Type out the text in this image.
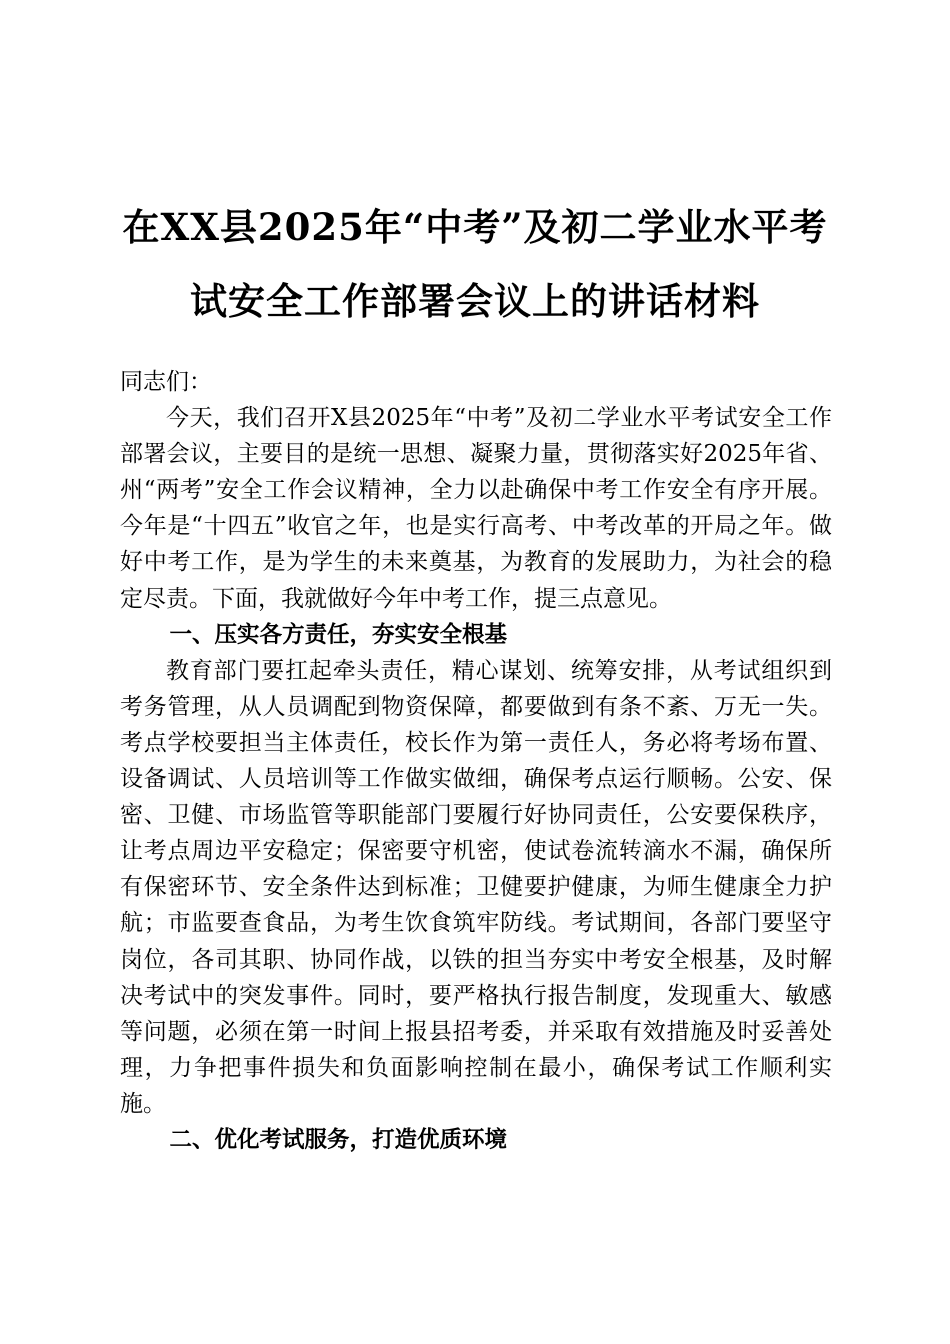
在XX县2025年“中考”及初二学业水平考
试安全工作部署会议上的讲话材料

同志们：

今天，我们召开X县2025年“中考”及初二学业水平考试安全工作部署会议，主要目的是统一思想、凝聚力量，贯彻落实好2025年省、州“两考”安全工作会议精神，全力以赴确保中考工作安全有序开展。今年是“十四五”收官之年，也是实行高考、中考改革的开局之年。做好中考工作，是为学生的未来奠基，为教育的发展助力，为社会的稳定尽责。下面，我就做好今年中考工作，提三点意见。

一、压实各方责任，夯实安全根基

教育部门要扛起牵头责任，精心谋划、统筹安排，从考试组织到考务管理，从人员调配到物资保障，都要做到有条不紊、万无一失。考点学校要担当主体责任，校长作为第一责任人，务必将考场布置、设备调试、人员培训等工作做实做细，确保考点运行顺畅。公安、保密、卫健、市场监管等职能部门要履行好协同责任，公安要保秩序，让考点周边平安稳定；保密要守机密，使试卷流转滴水不漏，确保所有保密环节、安全条件达到标准；卫健要护健康，为师生健康全力护航；市监要查食品，为考生饮食筑牢防线。考试期间，各部门要坚守岗位，各司其职、协同作战，以铁的担当夯实中考安全根基，及时解决考试中的突发事件。同时，要严格执行报告制度，发现重大、敏感等问题，必须在第一时间上报县招考委，并采取有效措施及时妥善处理，力争把事件损失和负面影响控制在最小，确保考试工作顺利实施。

二、优化考试服务，打造优质环境
